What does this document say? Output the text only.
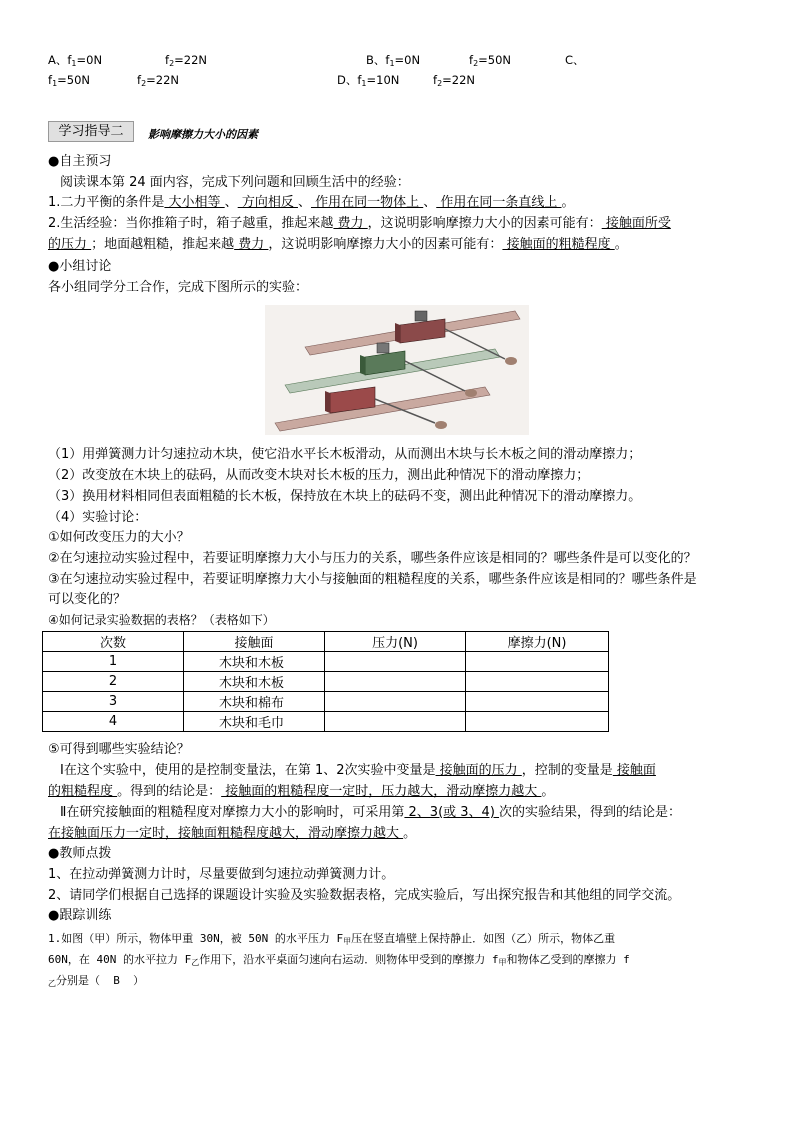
A、$f_1=0N$	$f_2=22N$	B、$f_1=0N$	$f_2=50N$	C、
$f_1=50N$	$f_2=22N$	D、$f_1=10N$	$f_2=22N$
学习指导二	影响摩擦力大小的因素
●自主预习
阅读课本第 24 面内容，完成下列问题和回顾生活中的经验：
1.二力平衡的条件是 大小相等 、 方向相反 、 作用在同一物体上 、 作用在同一条直线上 。
2.生活经验：当你推箱子时，箱子越重，推起来越 费力 ，这说明影响摩擦力大小的因素可能有： 接触面所受
的压力 ；地面越粗糙，推起来越 费力 ，这说明影响摩擦力大小的因素可能有： 接触面的粗糙程度 。
●小组讨论
各小组同学分工合作，完成下图所示的实验：
（1）用弹簧测力计匀速拉动木块，使它沿水平长木板滑动，从而测出木块与长木板之间的滑动摩擦力；
（2）改变放在木块上的砝码，从而改变木块对长木板的压力，测出此种情况下的滑动摩擦力；
（3）换用材料相同但表面粗糙的长木板，保持放在木块上的砝码不变，测出此种情况下的滑动摩擦力。
（4）实验讨论：
①如何改变压力的大小？
②在匀速拉动实验过程中，若要证明摩擦力大小与压力的关系，哪些条件应该是相同的？哪些条件是可以变化的？
③在匀速拉动实验过程中，若要证明摩擦力大小与接触面的粗糙程度的关系，哪些条件应该是相同的？哪些条件是
可以变化的？
④如何记录实验数据的表格？（表格如下）
次数	接触面	压力(N)	摩擦力(N)
1	木块和木板		
2	木块和木板		
3	木块和棉布		
4	木块和毛巾		
⑤可得到哪些实验结论？
Ⅰ在这个实验中，使用的是控制变量法，在第 1、2次实验中变量是 接触面的压力 ，控制的变量是 接触面
的粗糙程度 。得到的结论是： 接触面的粗糙程度一定时，压力越大，滑动摩擦力越大 。
Ⅱ在研究接触面的粗糙程度对摩擦力大小的影响时，可采用第 2、3(或 3、4) 次的实验结果，得到的结论是：
在接触面压力一定时，接触面粗糙程度越大，滑动摩擦力越大 。
●教师点拨
1、在拉动弹簧测力计时，尽量要做到匀速拉动弹簧测力计。
2、请同学们根据自己选择的课题设计实验及实验数据表格，完成实验后，写出探究报告和其他组的同学交流。
●跟踪训练
1.如图（甲）所示，物体甲重 30N，被 50N 的水平压力 $F_甲$压在竖直墙壁上保持静止．如图（乙）所示，物体乙重
60N，在 40N 的水平拉力 $F_乙$作用下，沿水平桌面匀速向右运动．则物体甲受到的摩擦力 $f_甲$和物体乙受到的摩擦力 f
$_乙$分别是（ B ）
